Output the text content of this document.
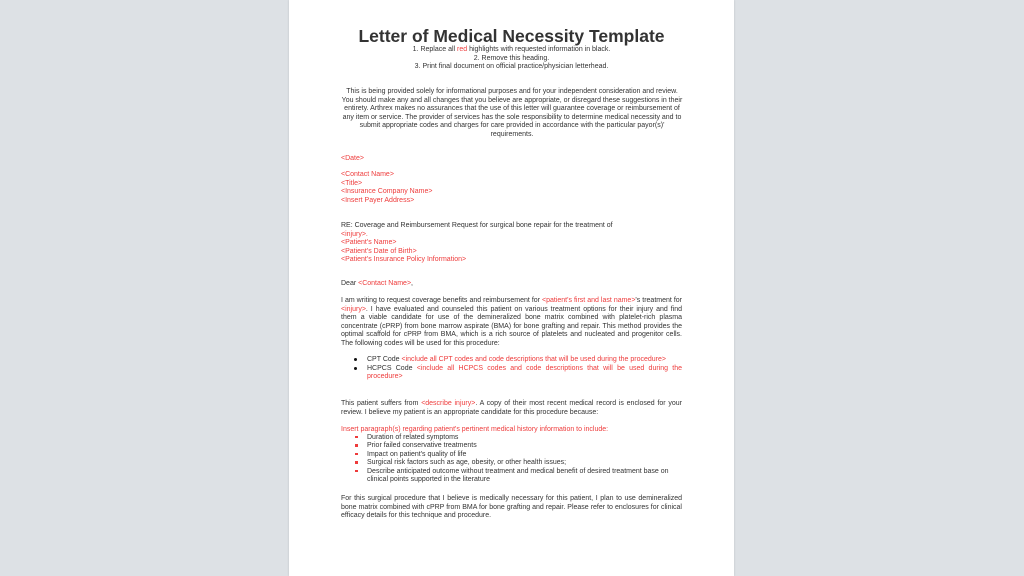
Letter of Medical Necessity Template
1. Replace all red highlights with requested information in black.
2. Remove this heading.
3. Print final document on official practice/physician letterhead.
This is being provided solely for informational purposes and for your independent consideration and review. You should make any and all changes that you believe are appropriate, or disregard these suggestions in their entirety. Arthrex makes no assurances that the use of this letter will guarantee coverage or reimbursement of any item or service. The provider of services has the sole responsibility to determine medical necessity and to submit appropriate codes and charges for care provided in accordance with the particular payor(s)' requirements.
<Date>
<Contact Name>
<Title>
<Insurance Company Name>
<Insert Payer Address>
RE: Coverage and Reimbursement Request for surgical bone repair for the treatment of
<injury>.
<Patient's Name>
<Patient's Date of Birth>
<Patient's Insurance Policy Information>
Dear <Contact Name>,
I am writing to request coverage benefits and reimbursement for <patient's first and last name>'s treatment for <injury>. I have evaluated and counseled this patient on various treatment options for their injury and find them a viable candidate for use of the demineralized bone matrix combined with platelet-rich plasma concentrate (cPRP) from bone marrow aspirate (BMA) for bone grafting and repair. This method provides the optimal scaffold for cPRP from BMA, which is a rich source of platelets and nucleated and progenitor cells. The following codes will be used for this procedure:
CPT Code <include all CPT codes and code descriptions that will be used during the procedure>
HCPCS Code <include all HCPCS codes and code descriptions that will be used during the procedure>
This patient suffers from <describe injury>. A copy of their most recent medical record is enclosed for your review. I believe my patient is an appropriate candidate for this procedure because:
Insert paragraph(s) regarding patient's pertinent medical history information to include:
Duration of related symptoms
Prior failed conservative treatments
Impact on patient's quality of life
Surgical risk factors such as age, obesity, or other health issues;
Describe anticipated outcome without treatment and medical benefit of desired treatment base on clinical points supported in the literature
For this surgical procedure that I believe is medically necessary for this patient, I plan to use demineralized bone matrix combined with cPRP from BMA for bone grafting and repair. Please refer to enclosures for clinical efficacy details for this technique and procedure.
